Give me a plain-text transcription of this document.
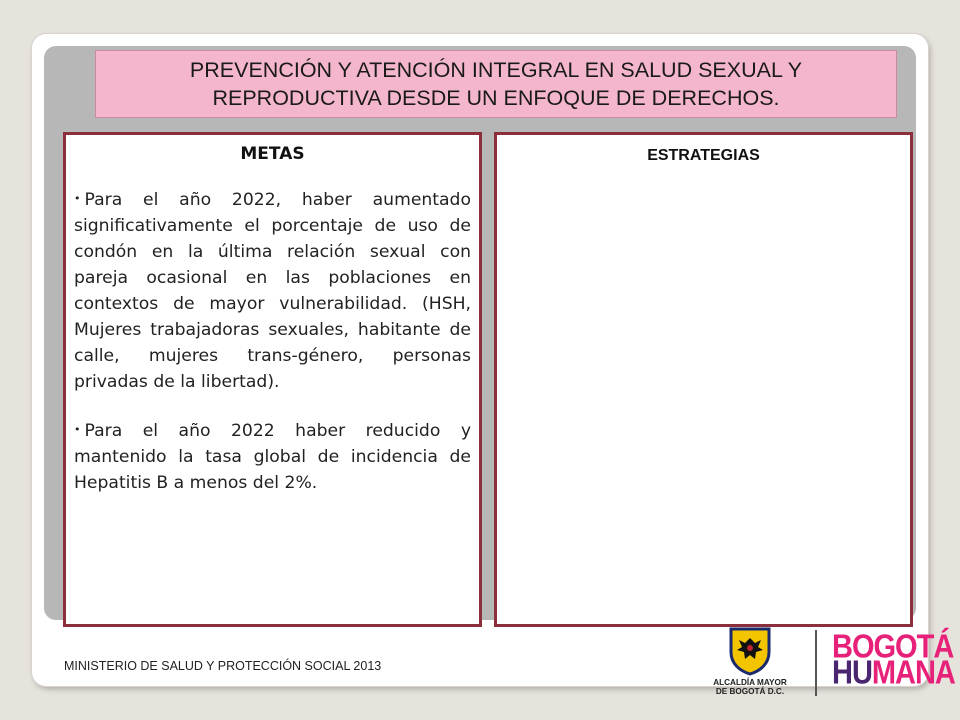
PREVENCIÓN Y ATENCIÓN INTEGRAL EN SALUD SEXUAL Y REPRODUCTIVA DESDE UN ENFOQUE DE DERECHOS.
METAS
• Para el año 2022, haber aumentado significativamente el porcentaje de uso de condón en la última relación sexual con pareja ocasional en las poblaciones en contextos de mayor vulnerabilidad. (HSH, Mujeres trabajadoras sexuales, habitante de calle, mujeres trans-género, personas privadas de la libertad).
• Para el año 2022 haber reducido y mantenido la tasa global de incidencia de Hepatitis B a menos del 2%.
ESTRATEGIAS
MINISTERIO DE SALUD Y PROTECCIÓN SOCIAL 2013
ALCALDÍA MAYOR
DE BOGOTÁ D.C.
BOGOTÁ
HUMANA
